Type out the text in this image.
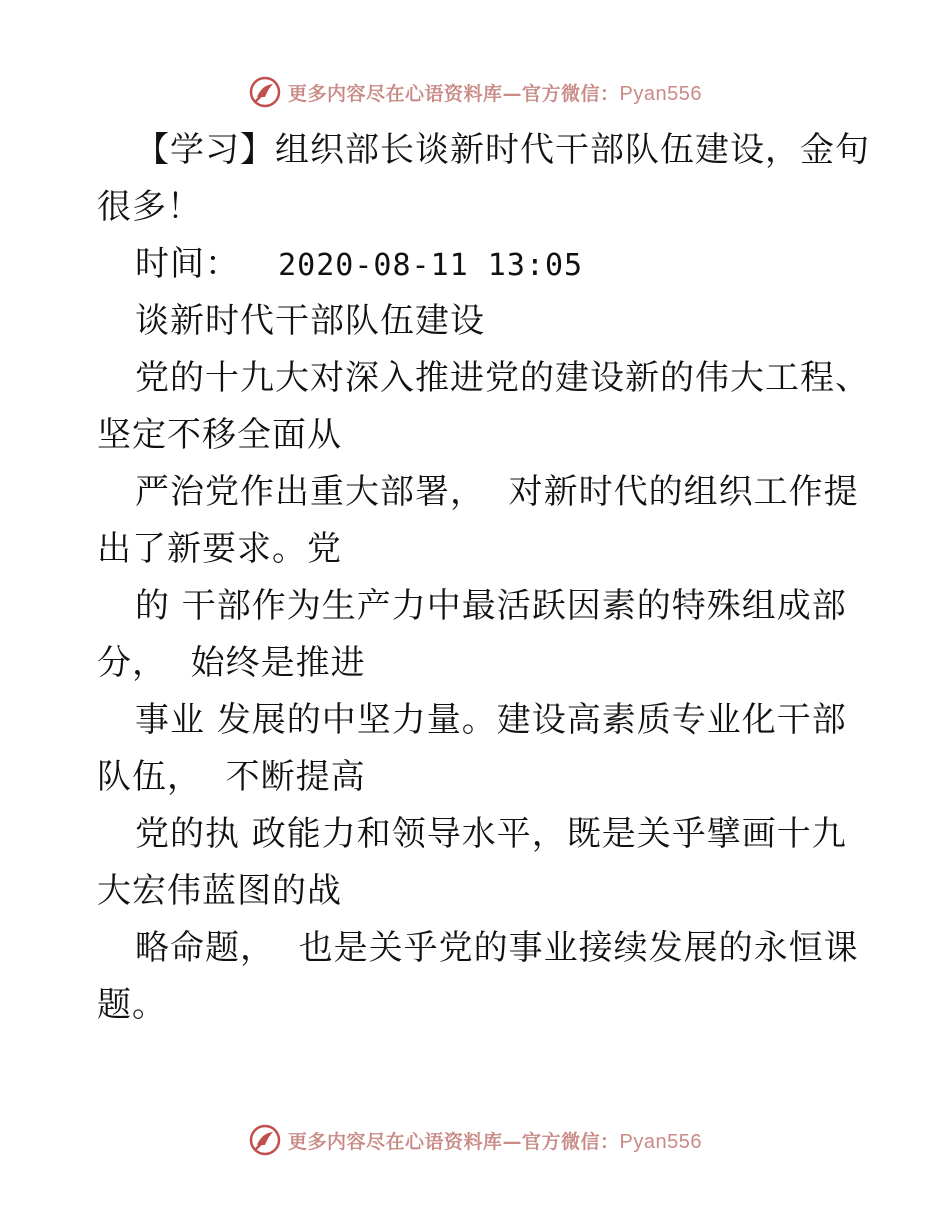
更多内容尽在心语资料库—官方微信：Pyan556
【学习】组织部长谈新时代干部队伍建设，金句
很多！
时间： 2020-08-11 13:05
谈新时代干部队伍建设
党的十九大对深入推进党的建设新的伟大工程、
坚定不移全面从
严治党作出重大部署，  对新时代的组织工作提
出了新要求。党
的 干部作为生产力中最活跃因素的特殊组成部
分，  始终是推进
事业 发展的中坚力量。建设高素质专业化干部
队伍，  不断提高
党的执 政能力和领导水平，既是关乎擘画十九
大宏伟蓝图的战
略命题，  也是关乎党的事业接续发展的永恒课
题。
更多内容尽在心语资料库—官方微信：Pyan556
